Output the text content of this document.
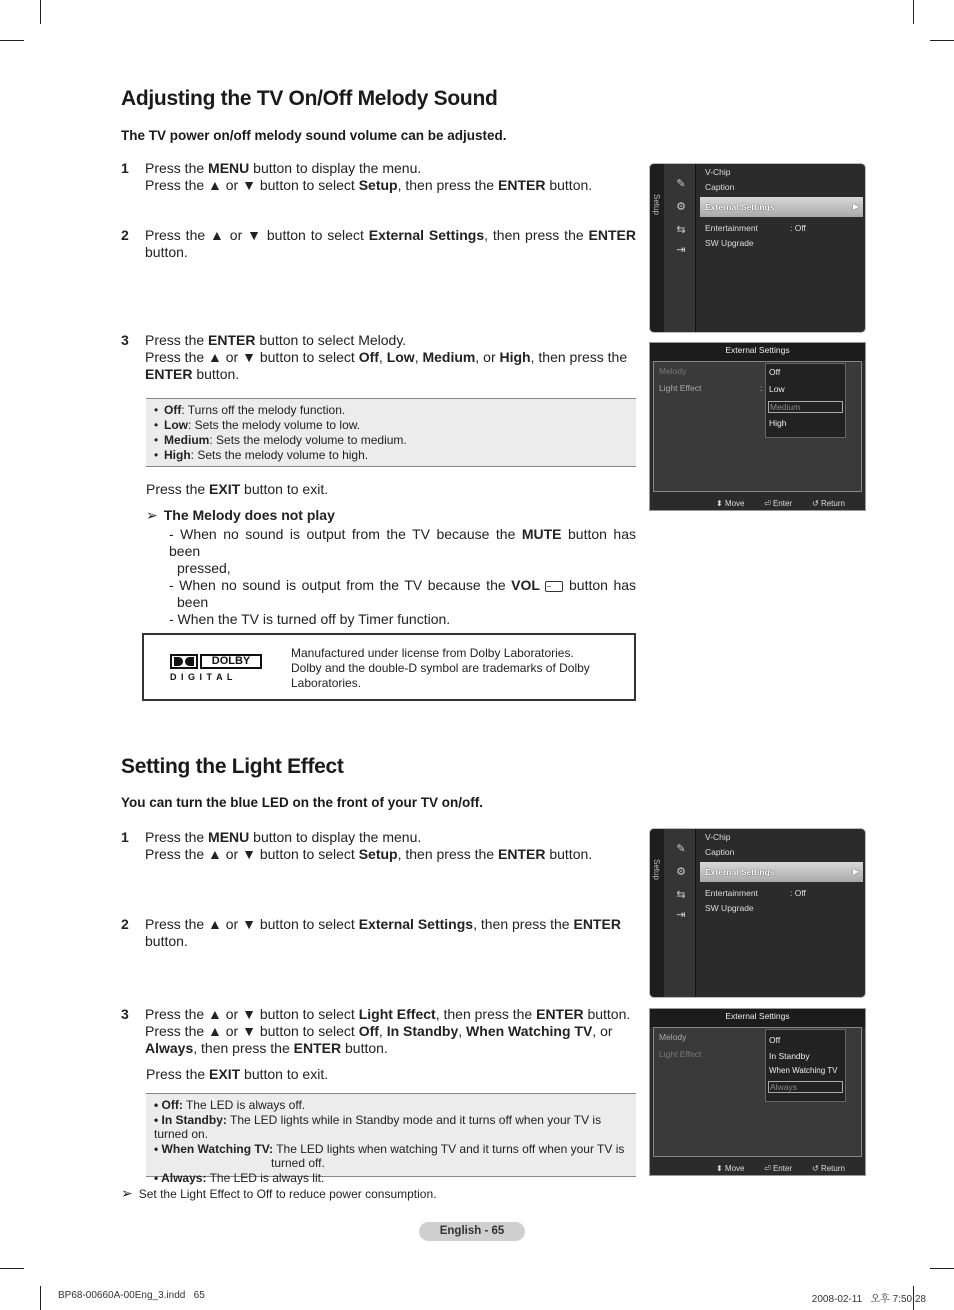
Adjusting the TV On/Off Melody Sound
The TV power on/off melody sound volume can be adjusted.
1 Press the MENU button to display the menu.
Press the ▲ or ▼ button to select Setup, then press the ENTER button.
2 Press the ▲ or ▼ button to select External Settings, then press the ENTER
button.
3 Press the ENTER button to select Melody.
Press the ▲ or ▼ button to select Off, Low, Medium, or High, then press the
ENTER button.
• Off: Turns off the melody function.
• Low: Sets the melody volume to low.
• Medium: Sets the melody volume to medium.
• High: Sets the melody volume to high.
Press the EXIT button to exit.
➢ The Melody does not play
- When no sound is output from the TV because the MUTE button has been
pressed,
- When no sound is output from the TV because the VOL − button has
been
- When the TV is turned off by Timer function.
DOLBY
D I G I T A L
Manufactured under license from Dolby Laboratories.
Dolby and the double-D symbol are trademarks of Dolby
Laboratories.
Setup
✎
⚙
⇆
⇥
V-Chip
Caption
External Settings	▶
Entertainment	: Off
SW Upgrade
External Settings
Melody
Light Effect	:
Off
Low
Medium
High
⬍ Move ⏎ Enter ↺ Return
Setting the Light Effect
You can turn the blue LED on the front of your TV on/off.
1 Press the MENU button to display the menu.
Press the ▲ or ▼ button to select Setup, then press the ENTER button.
2 Press the ▲ or ▼ button to select External Settings, then press the ENTER
button.
3 Press the ▲ or ▼ button to select Light Effect, then press the ENTER button.
Press the ▲ or ▼ button to select Off, In Standby, When Watching TV, or
Always, then press the ENTER button.
Press the EXIT button to exit.
• Off: The LED is always off.
• In Standby: The LED lights while in Standby mode and it turns off when your TV is turned on.
• When Watching TV: The LED lights when watching TV and it turns off when your TV is
turned off.
• Always: The LED is always lit.
➢ Set the Light Effect to Off to reduce power consumption.
Setup
✎
⚙
⇆
⇥
V-Chip
Caption
External Settings	▶
Entertainment	: Off
SW Upgrade
External Settings
Melody
Light Effect
Off
In Standby
When Watching TV
Always
⬍ Move ⏎ Enter ↺ Return
English - 65
BP68-00660A-00Eng_3.indd   65	2008-02-11   오후 7:50:28
